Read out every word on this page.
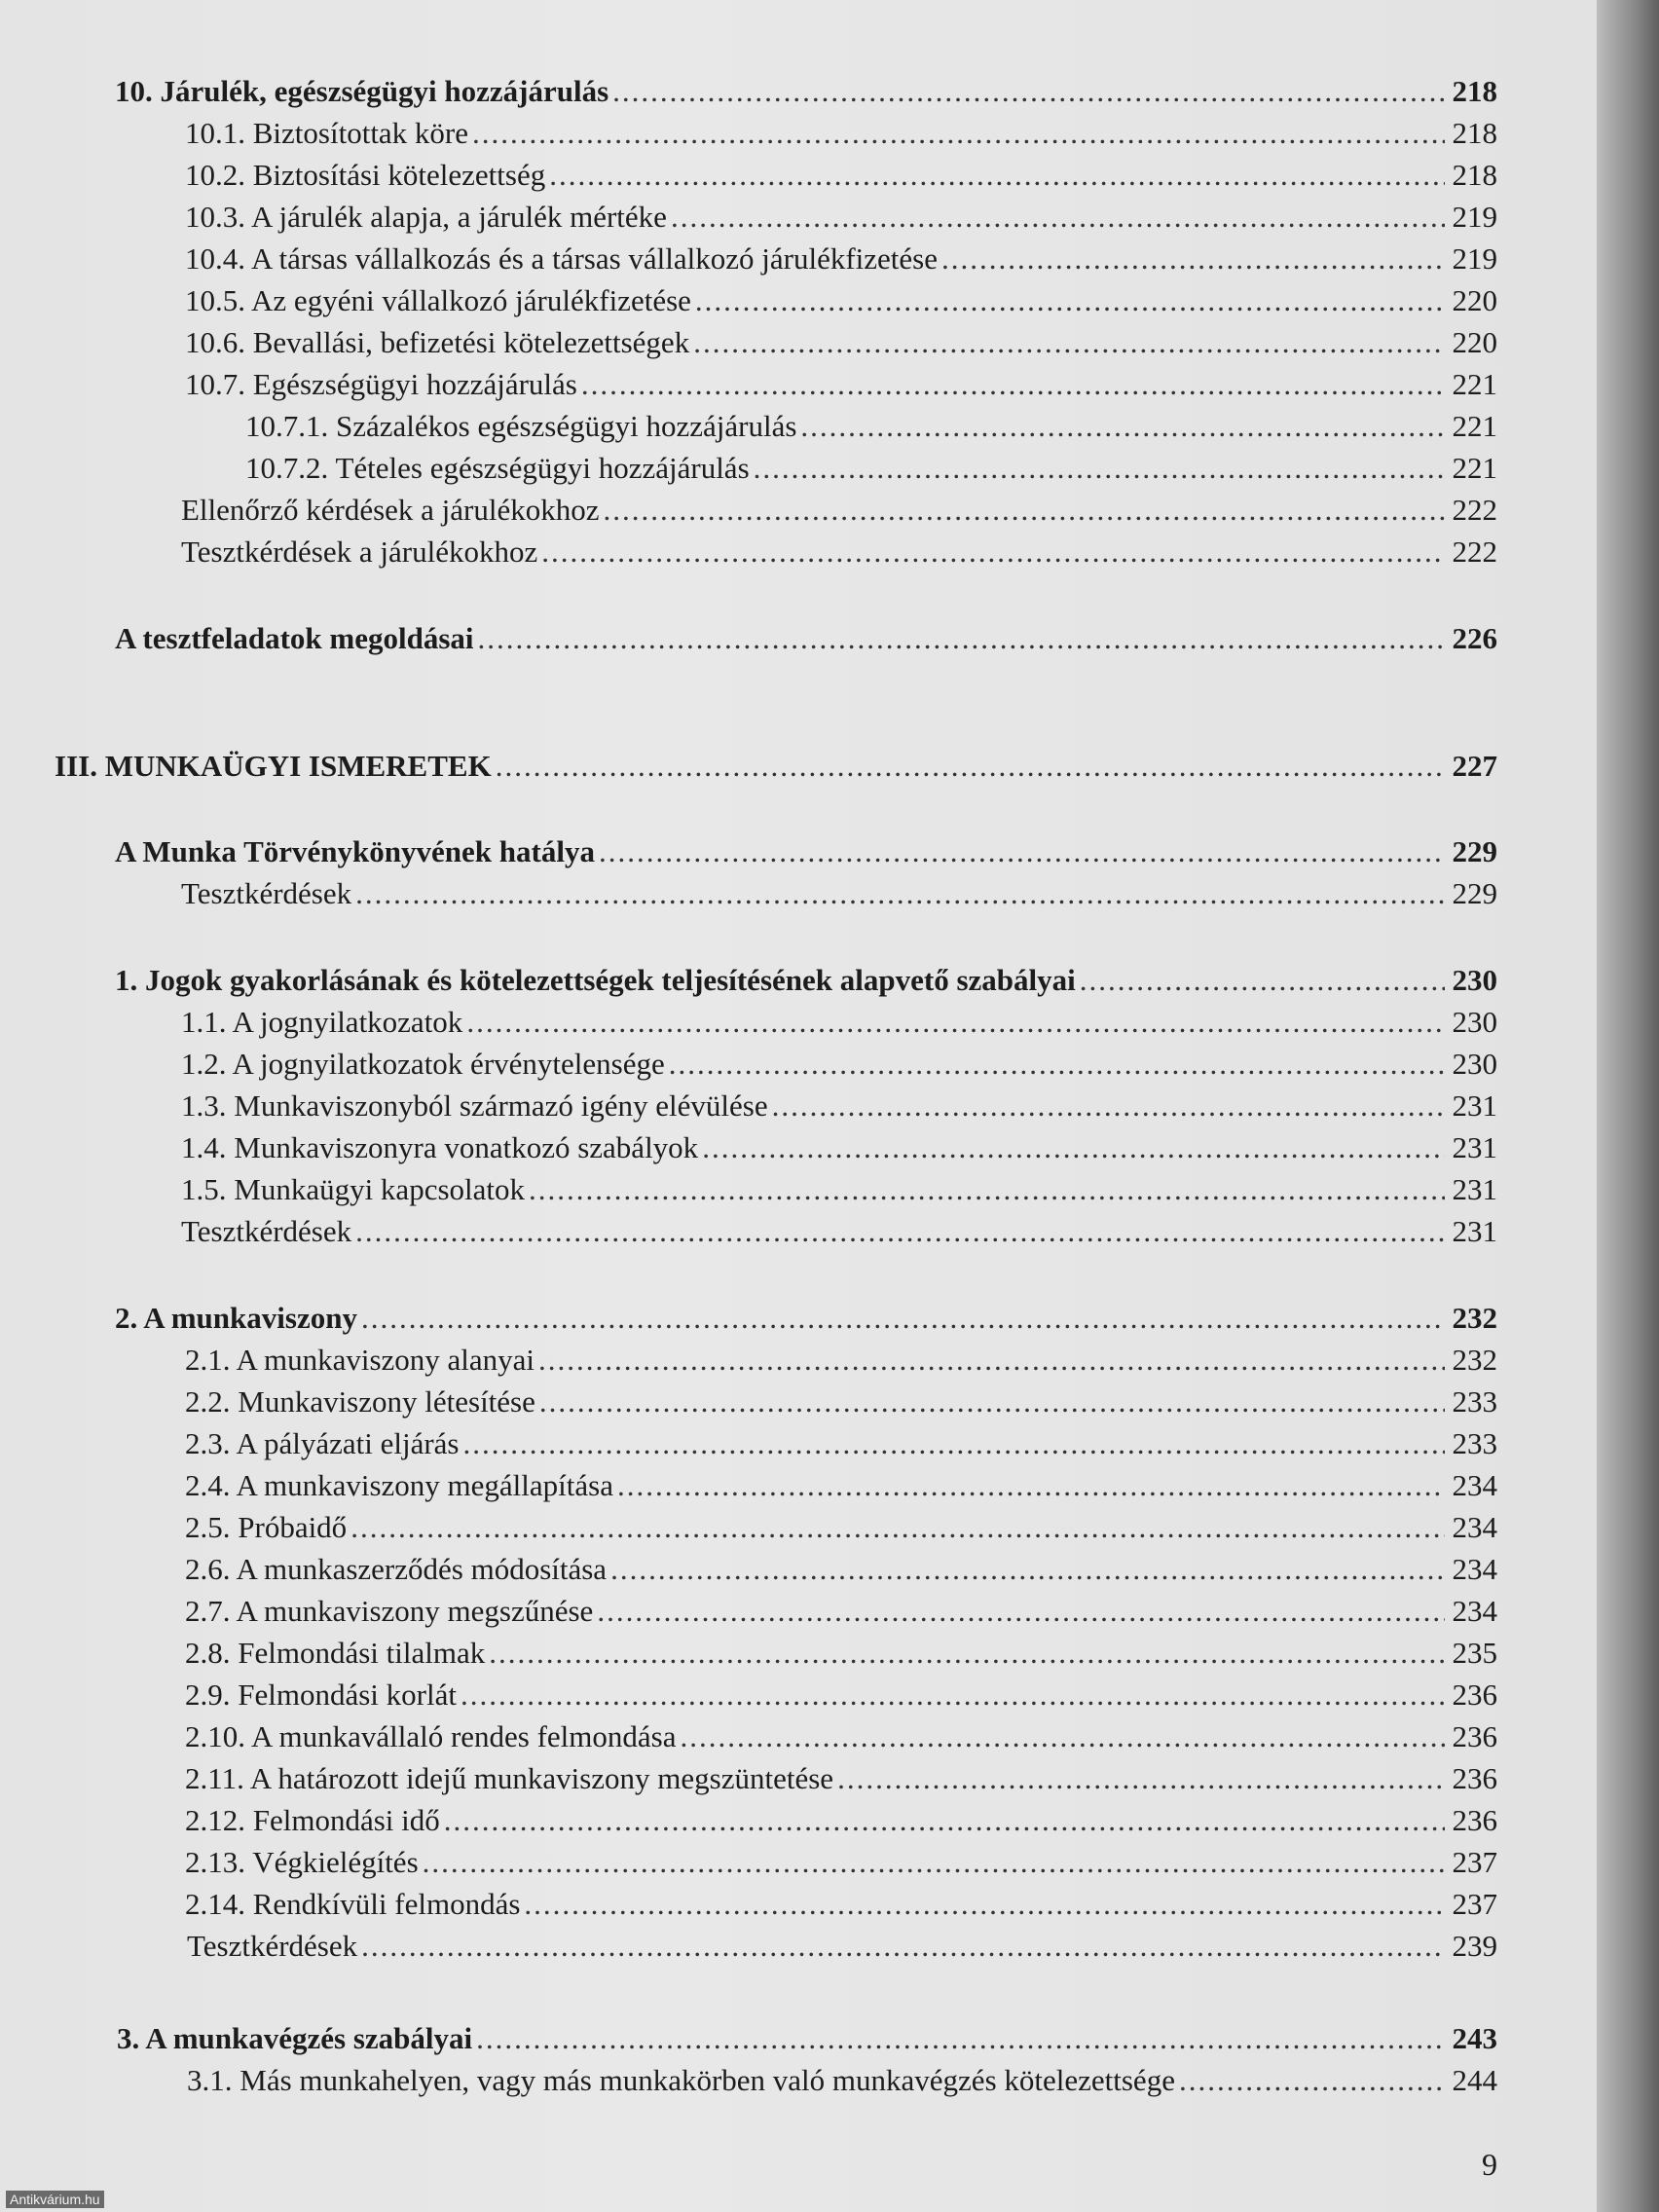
10. Járulék, egészségügyi hozzájárulás .....	218
10.1. Biztosítottak köre .....	218
10.2. Biztosítási kötelezettség .....	218
10.3. A járulék alapja, a járulék mértéke .....	219
10.4. A társas vállalkozás és a társas vállalkozó járulékfizetése .....	219
10.5. Az egyéni vállalkozó járulékfizetése .....	220
10.6. Bevallási, befizetési kötelezettségek .....	220
10.7. Egészségügyi hozzájárulás .....	221
10.7.1. Százalékos egészségügyi hozzájárulás .....	221
10.7.2. Tételes egészségügyi hozzájárulás .....	221
Ellenőrző kérdések a járulékokhoz .....	222
Tesztkérdések a járulékokhoz .....	222
A tesztfeladatok megoldásai .....	226
III. MUNKAÜGYI ISMERETEK .....	227
A Munka Törvénykönyvének hatálya .....	229
Tesztkérdések .....	229
1. Jogok gyakorlásának és kötelezettségek teljesítésének alapvető szabályai .....	230
1.1. A jognyilatkozatok .....	230
1.2. A jognyilatkozatok érvénytelensége .....	230
1.3. Munkaviszonyból származó igény elévülése .....	231
1.4. Munkaviszonyra vonatkozó szabályok .....	231
1.5. Munkaügyi kapcsolatok .....	231
Tesztkérdések .....	231
2. A munkaviszony .....	232
2.1. A munkaviszony alanyai .....	232
2.2. Munkaviszony létesítése .....	233
2.3. A pályázati eljárás .....	233
2.4. A munkaviszony megállapítása .....	234
2.5. Próbaidő .....	234
2.6. A munkaszerződés módosítása .....	234
2.7. A munkaviszony megszűnése .....	234
2.8. Felmondási tilalmak .....	235
2.9. Felmondási korlát .....	236
2.10. A munkavállaló rendes felmondása .....	236
2.11. A határozott idejű munkaviszony megszüntetése .....	236
2.12. Felmondási idő .....	236
2.13. Végkielégítés .....	237
2.14. Rendkívüli felmondás .....	237
Tesztkérdések .....	239
3. A munkavégzés szabályai .....	243
3.1. Más munkahelyen, vagy más munkakörben való munkavégzés kötelezettsége .....	244
9
Antikvárium.hu
